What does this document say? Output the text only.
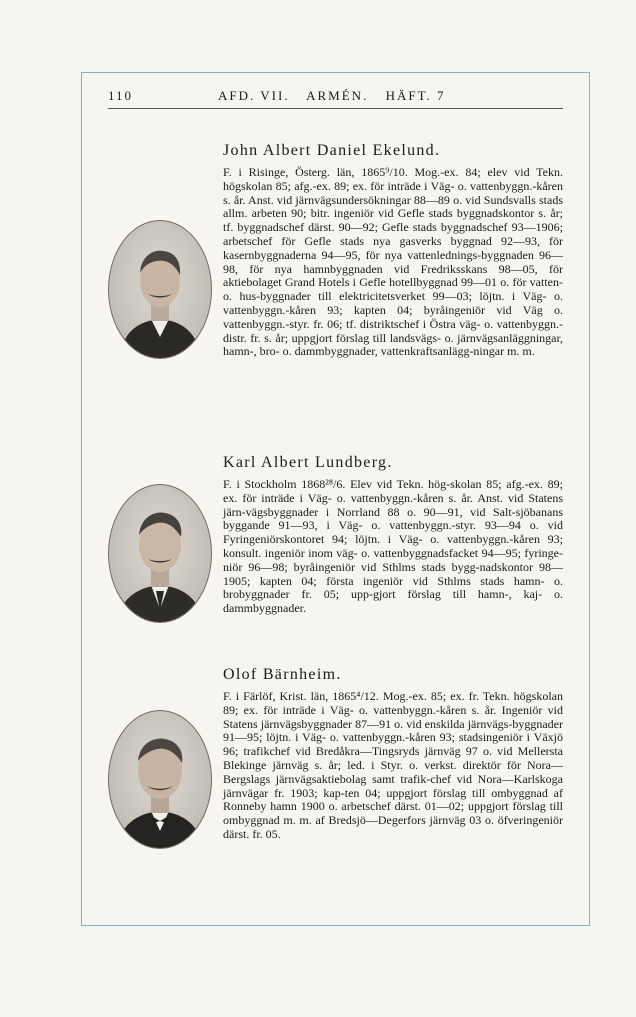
110	AFD. VII. ARMÉN. HÄFT. 7
John Albert Daniel Ekelund.

F. i Risinge, Österg. län, 1865⁹/10. Mog.-ex. 84; elev vid Tekn. högskolan 85; afg.-ex. 89; ex. för inträde i Väg- o. vattenbyggn.-kåren s. år. Anst. vid järnvägsundersökningar 88—89 o. vid Sundsvalls stads allm. arbeten 90; bitr. ingeniör vid Gefle stads byggnadskontor s. år; tf. byggnadschef därst. 90—92; Gefle stads byggnadschef 93—1906; arbetschef för Gefle stads nya gasverks byggnad 92—93, för kasernbyggnaderna 94—95, för nya vattenlednings-byggnaden 96—98, för nya hamnbyggnaden vid Fredriksskans 98—05, för aktiebolaget Grand Hotels i Gefle hotellbyggnad 99—01 o. för vatten- o. hus-byggnader till elektricitetsverket 99—03; löjtn. i Väg- o. vattenbyggn.-kåren 93; kapten 04; byråingeniör vid Väg o. vattenbyggn.-styr. fr. 06; tf. distriktschef i Östra väg- o. vattenbyggn.-distr. fr. s. år; uppgjort förslag till landsvägs- o. järnvägsanläggningar, hamn-, bro- o. dammbyggnader, vattenkraftsanlägg-ningar m. m.

Karl Albert Lundberg.

F. i Stockholm 1868²⁸/6. Elev vid Tekn. hög-skolan 85; afg.-ex. 89; ex. för inträde i Väg- o. vattenbyggn.-kåren s. år. Anst. vid Statens järn-vägsbyggnader i Norrland 88 o. 90—91, vid Salt-sjöbanans byggande 91—93, i Väg- o. vattenbyggn.-styr. 93—94 o. vid Fyringeniörskontoret 94; löjtn. i Väg- o. vattenbyggn.-kåren 93; konsult. ingeniör inom väg- o. vattenbyggnadsfacket 94—95; fyringe-niör 96—98; byråingeniör vid Sthlms stads bygg-nadskontor 98—1905; kapten 04; första ingeniör vid Sthlms stads hamn- o. brobyggnader fr. 05; upp-gjort förslag till hamn-, kaj- o. dammbyggnader.

Olof Bärnheim.

F. i Färlöf, Krist. län, 1865⁴/12. Mog.-ex. 85; ex. fr. Tekn. högskolan 89; ex. för inträde i Väg- o. vattenbyggn.-kåren s. år. Ingeniör vid Statens järnvägsbyggnader 87—91 o. vid enskilda järnvägs-byggnader 91—95; löjtn. i Väg- o. vattenbyggn.-kåren 93; stadsingeniör i Växjö 96; trafikchef vid Bredåkra—Tingsryds järnväg 97 o. vid Mellersta Blekinge järnväg s. år; led. i Styr. o. verkst. direktör för Nora—Bergslags järnvägsaktiebolag samt trafik-chef vid Nora—Karlskoga järnvägar fr. 1903; kap-ten 04; uppgjort förslag till ombyggnad af Ronneby hamn 1900 o. arbetschef därst. 01—02; uppgjort förslag till ombyggnad m. m. af Bredsjö—Degerfors järnväg 03 o. öfveringeniör därst. fr. 05.
